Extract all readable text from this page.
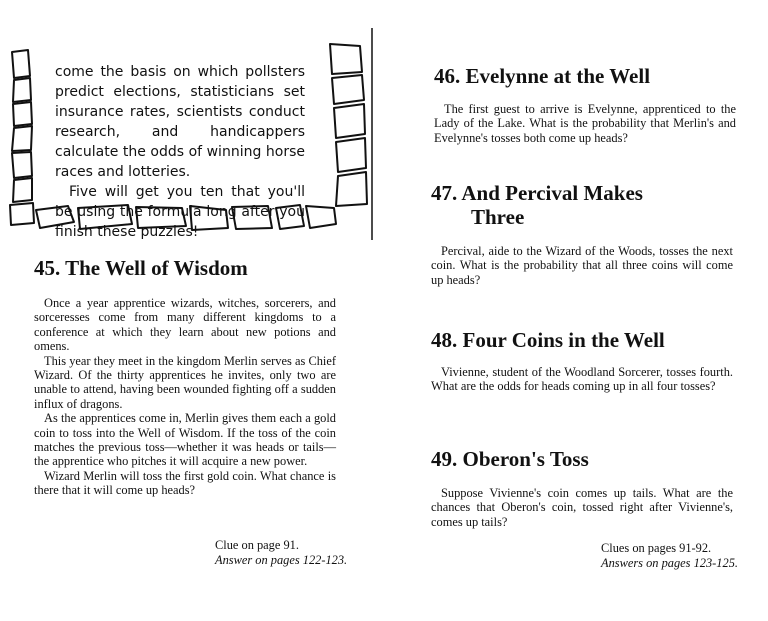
come the basis on which pollsters predict elections, statisticians set insurance rates, scientists conduct research, and handicappers calculate the odds of winning horse races and lotteries.

Five will get you ten that you'll be using the formula long after you finish these puzzles!

45. The Well of Wisdom

Once a year apprentice wizards, witches, sorcerers, and sorceresses come from many different kingdoms to a conference at which they learn about new potions and omens.

This year they meet in the kingdom Merlin serves as Chief Wizard. Of the thirty apprentices he invites, only two are unable to attend, having been wounded fighting off a sudden influx of dragons.

As the apprentices come in, Merlin gives them each a gold coin to toss into the Well of Wisdom. If the toss of the coin matches the previous toss—whether it was heads or tails—the apprentice who pitches it will acquire a new power.

Wizard Merlin will toss the first gold coin. What chance is there that it will come up heads?

Clue on page 91.
Answer on pages 122-123.
46. Evelynne at the Well

The first guest to arrive is Evelynne, apprenticed to the Lady of the Lake. What is the probability that Merlin's and Evelynne's tosses both come up heads?

47. And Percival Makes
Three

Percival, aide to the Wizard of the Woods, tosses the next coin. What is the probability that all three coins will come up heads?

48. Four Coins in the Well

Vivienne, student of the Woodland Sorcerer, tosses fourth. What are the odds for heads coming up in all four tosses?

49. Oberon's Toss

Suppose Vivienne's coin comes up tails. What are the chances that Oberon's coin, tossed right after Vivienne's, comes up tails?

Clues on pages 91-92.
Answers on pages 123-125.
